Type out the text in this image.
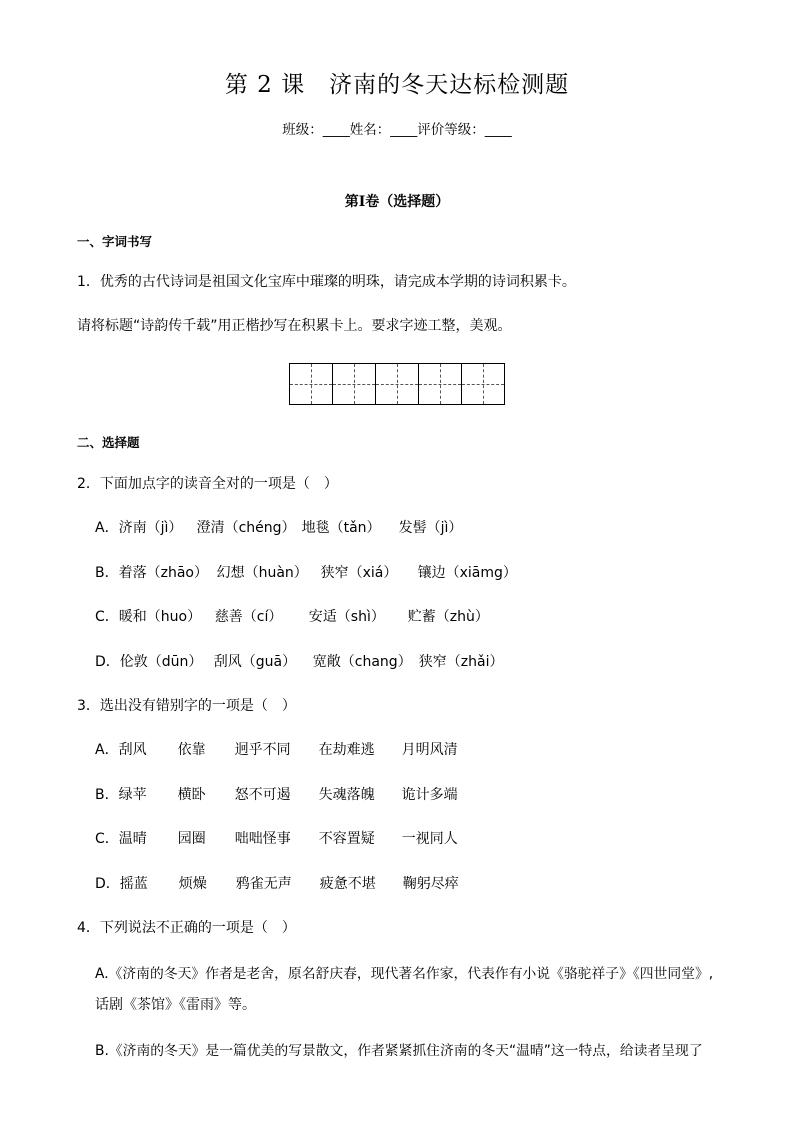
第 2 课　济南的冬天达标检测题
班级：____姓名：____评价等级：____
第Ⅰ卷（选择题）
一、字词书写
1．优秀的古代诗词是祖国文化宝库中璀璨的明珠，请完成本学期的诗词积累卡。
请将标题“诗韵传千载”用正楷抄写在积累卡上。要求字迹工整，美观。
二、选择题
2．下面加点字的读音全对的一项是（　）
A．济南（jì） 澄清（chéng） 地毯（tǎn） 发髻（jì）
B．着落（zhāo） 幻想（huàn） 狭窄（xiá） 镶边（xiāmg）
C．暖和（huo） 慈善（cí） 安适（shì） 贮蓄（zhù）
D．伦敦（dūn） 刮风（guā） 宽敞（chang） 狭窄（zhǎi）
3．选出没有错别字的一项是（　）
A．刮风 依靠 迥乎不同 在劫难逃 月明风清
B．绿苹 横卧 怒不可遏 失魂落魄 诡计多端
C．温晴 园圈 咄咄怪事 不容置疑 一视同人
D．摇蓝 烦燥 鸦雀无声 疲惫不堪 鞠躬尽瘁
4．下列说法不正确的一项是（　）
A.《济南的冬天》作者是老舍，原名舒庆春，现代著名作家，代表作有小说《骆驼祥子》《四世同堂》,
话剧《茶馆》《雷雨》等。
B.《济南的冬天》是一篇优美的写景散文，作者紧紧抓住济南的冬天“温晴”这一特点，给读者呈现了
